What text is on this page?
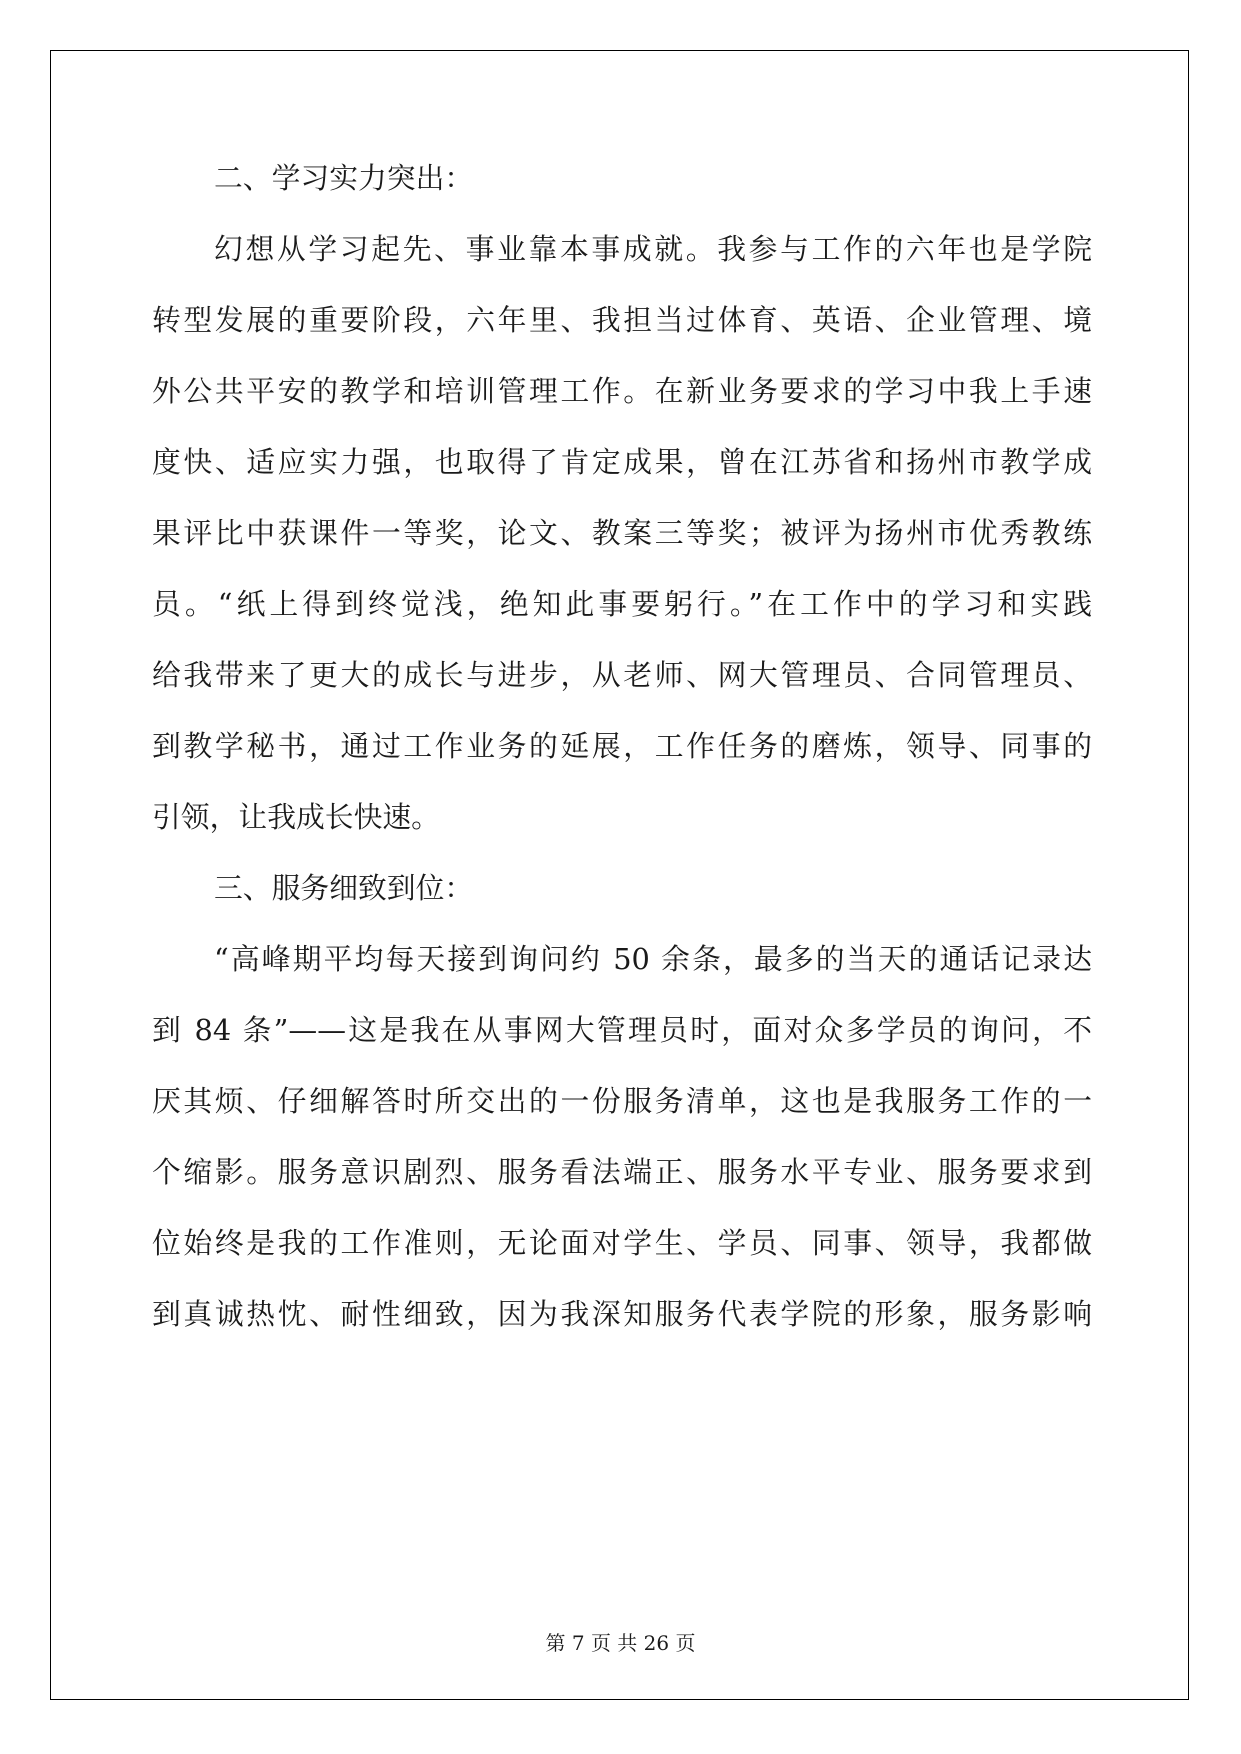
二、学习实力突出：
幻想从学习起先、事业靠本事成就。我参与工作的六年也是学院
转型发展的重要阶段，六年里、我担当过体育、英语、企业管理、境
外公共平安的教学和培训管理工作。在新业务要求的学习中我上手速
度快、适应实力强，也取得了肯定成果，曾在江苏省和扬州市教学成
果评比中获课件一等奖，论文、教案三等奖；被评为扬州市优秀教练
员。“纸上得到终觉浅，绝知此事要躬行。”在工作中的学习和实践
给我带来了更大的成长与进步，从老师、网大管理员、合同管理员、
到教学秘书，通过工作业务的延展，工作任务的磨炼，领导、同事的
引领，让我成长快速。
三、服务细致到位：
“高峰期平均每天接到询问约 50 余条，最多的当天的通话记录达
到 84 条”——这是我在从事网大管理员时，面对众多学员的询问，不
厌其烦、仔细解答时所交出的一份服务清单，这也是我服务工作的一
个缩影。服务意识剧烈、服务看法端正、服务水平专业、服务要求到
位始终是我的工作准则，无论面对学生、学员、同事、领导，我都做
到真诚热忱、耐性细致，因为我深知服务代表学院的形象，服务影响
第 7 页 共 26 页
